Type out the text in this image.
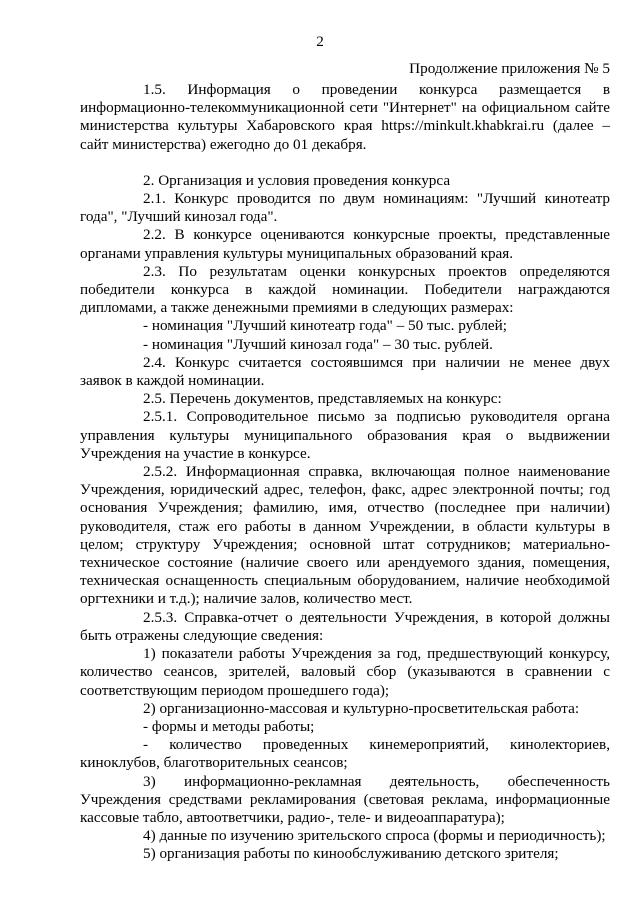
2
Продолжение приложения № 5

1.5. Информация о проведении конкурса размещается в информационно-телекоммуникационной сети "Интернет" на официальном сайте министерства культуры Хабаровского края https://minkult.khabkrai.ru (далее – сайт министерства) ежегодно до 01 декабря.

2. Организация и условия проведения конкурса

2.1. Конкурс проводится по двум номинациям: "Лучший кинотеатр года", "Лучший кинозал года".

2.2. В конкурсе оцениваются конкурсные проекты, представленные органами управления культуры муниципальных образований края.

2.3. По результатам оценки конкурсных проектов определяются победители конкурса в каждой номинации. Победители награждаются дипломами, а также денежными премиями в следующих размерах:

- номинация "Лучший кинотеатр года" – 50 тыс. рублей;

- номинация "Лучший кинозал года" – 30 тыс. рублей.

2.4. Конкурс считается состоявшимся при наличии не менее двух заявок в каждой номинации.

2.5. Перечень документов, представляемых на конкурс:

2.5.1. Сопроводительное письмо за подписью руководителя органа управления культуры муниципального образования края о выдвижении Учреждения на участие в конкурсе.

2.5.2. Информационная справка, включающая полное наименование Учреждения, юридический адрес, телефон, факс, адрес электронной почты; год основания Учреждения; фамилию, имя, отчество (последнее при наличии) руководителя, стаж его работы в данном Учреждении, в области культуры в целом; структуру Учреждения; основной штат сотрудников; материально-техническое состояние (наличие своего или арендуемого здания, помещения, техническая оснащенность специальным оборудованием, наличие необходимой оргтехники и т.д.); наличие залов, количество мест.

2.5.3. Справка-отчет о деятельности Учреждения, в которой должны быть отражены следующие сведения:

1) показатели работы Учреждения за год, предшествующий конкурсу, количество сеансов, зрителей, валовый сбор (указываются в сравнении с соответствующим периодом прошедшего года);

2) организационно-массовая и культурно-просветительская работа:

- формы и методы работы;

- количество проведенных кинемероприятий, кинолекториев, киноклубов, благотворительных сеансов;

3) информационно-рекламная деятельность, обеспеченность Учреждения средствами рекламирования (световая реклама, информационные кассовые табло, автоответчики, радио-, теле- и видеоаппаратура);

4) данные по изучению зрительского спроса (формы и периодичность);

5) организация работы по кинообслуживанию детского зрителя;
